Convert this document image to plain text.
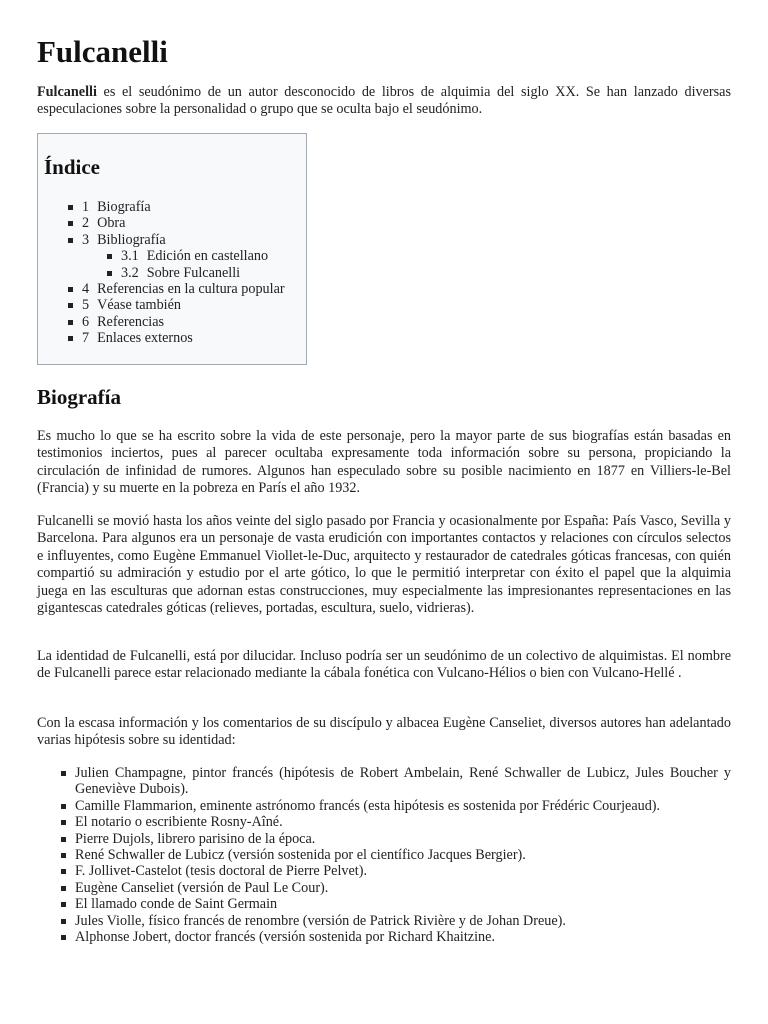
Fulcanelli

Fulcanelli es el seudónimo de un autor desconocido de libros de alquimia del siglo XX. Se han lanzado diversas especulaciones sobre la personalidad o grupo que se oculta bajo el seudónimo.

Índice
1 Biografía
2 Obra
3 Bibliografía
3.1 Edición en castellano
3.2 Sobre Fulcanelli
4 Referencias en la cultura popular
5 Véase también
6 Referencias
7 Enlaces externos
Biografía

Es mucho lo que se ha escrito sobre la vida de este personaje, pero la mayor parte de sus biografías están basadas en testimonios inciertos, pues al parecer ocultaba expresamente toda información sobre su persona, propiciando la circulación de infinidad de rumores. Algunos han especulado sobre su posible nacimiento en 1877 en Villiers-le-Bel (Francia) y su muerte en la pobreza en París el año 1932.

Fulcanelli se movió hasta los años veinte del siglo pasado por Francia y ocasionalmente por España: País Vasco, Sevilla y Barcelona. Para algunos era un personaje de vasta erudición con importantes contactos y relaciones con círculos selectos e influyentes, como Eugène Emmanuel Viollet-le-Duc, arquitecto y restaurador de catedrales góticas francesas, con quién compartió su admiración y estudio por el arte gótico, lo que le permitió interpretar con éxito el papel que la alquimia juega en las esculturas que adornan estas construcciones, muy especialmente las impresionantes representaciones en las gigantescas catedrales góticas (relieves, portadas, escultura, suelo, vidrieras).

La identidad de Fulcanelli, está por dilucidar. Incluso podría ser un seudónimo de un colectivo de alquimistas. El nombre de Fulcanelli parece estar relacionado mediante la cábala fonética con Vulcano-Hélios o bien con Vulcano-Hellé .

Con la escasa información y los comentarios de su discípulo y albacea Eugène Canseliet, diversos autores han adelantado varias hipótesis sobre su identidad:

Julien Champagne, pintor francés (hipótesis de Robert Ambelain, René Schwaller de Lubicz, Jules Boucher y Geneviève Dubois).
Camille Flammarion, eminente astrónomo francés (esta hipótesis es sostenida por Frédéric Courjeaud).
El notario o escribiente Rosny-Aîné.
Pierre Dujols, librero parisino de la época.
René Schwaller de Lubicz (versión sostenida por el científico Jacques Bergier).
F. Jollivet-Castelot (tesis doctoral de Pierre Pelvet).
Eugène Canseliet (versión de Paul Le Cour).
El llamado conde de Saint Germain
Jules Violle, físico francés de renombre (versión de Patrick Rivière y de Johan Dreue).
Alphonse Jobert, doctor francés (versión sostenida por Richard Khaitzine.
